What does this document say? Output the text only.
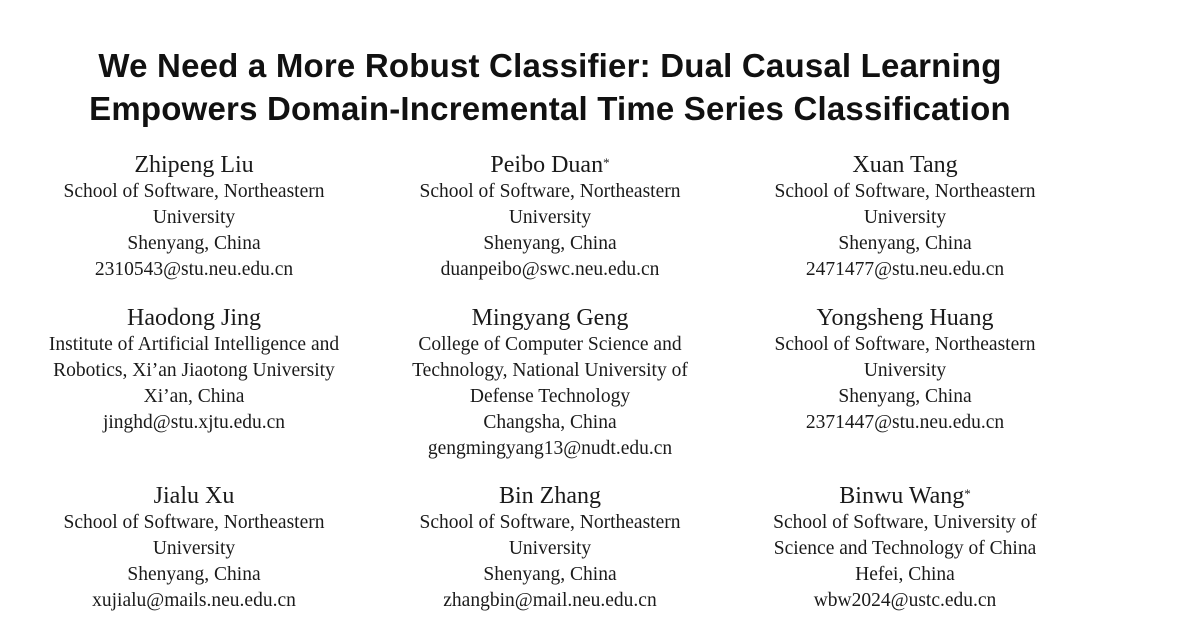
We Need a More Robust Classifier: Dual Causal Learning
Empowers Domain-Incremental Time Series Classification
Zhipeng Liu
School of Software, Northeastern
University
Shenyang, China
2310543@stu.neu.edu.cn
Peibo Duan*
School of Software, Northeastern
University
Shenyang, China
duanpeibo@swc.neu.edu.cn
Xuan Tang
School of Software, Northeastern
University
Shenyang, China
2471477@stu.neu.edu.cn
Haodong Jing
Institute of Artificial Intelligence and
Robotics, Xi’an Jiaotong University
Xi’an, China
jinghd@stu.xjtu.edu.cn
Mingyang Geng
College of Computer Science and
Technology, National University of
Defense Technology
Changsha, China
gengmingyang13@nudt.edu.cn
Yongsheng Huang
School of Software, Northeastern
University
Shenyang, China
2371447@stu.neu.edu.cn
Jialu Xu
School of Software, Northeastern
University
Shenyang, China
xujialu@mails.neu.edu.cn
Bin Zhang
School of Software, Northeastern
University
Shenyang, China
zhangbin@mail.neu.edu.cn
Binwu Wang*
School of Software, University of
Science and Technology of China
Hefei, China
wbw2024@ustc.edu.cn
